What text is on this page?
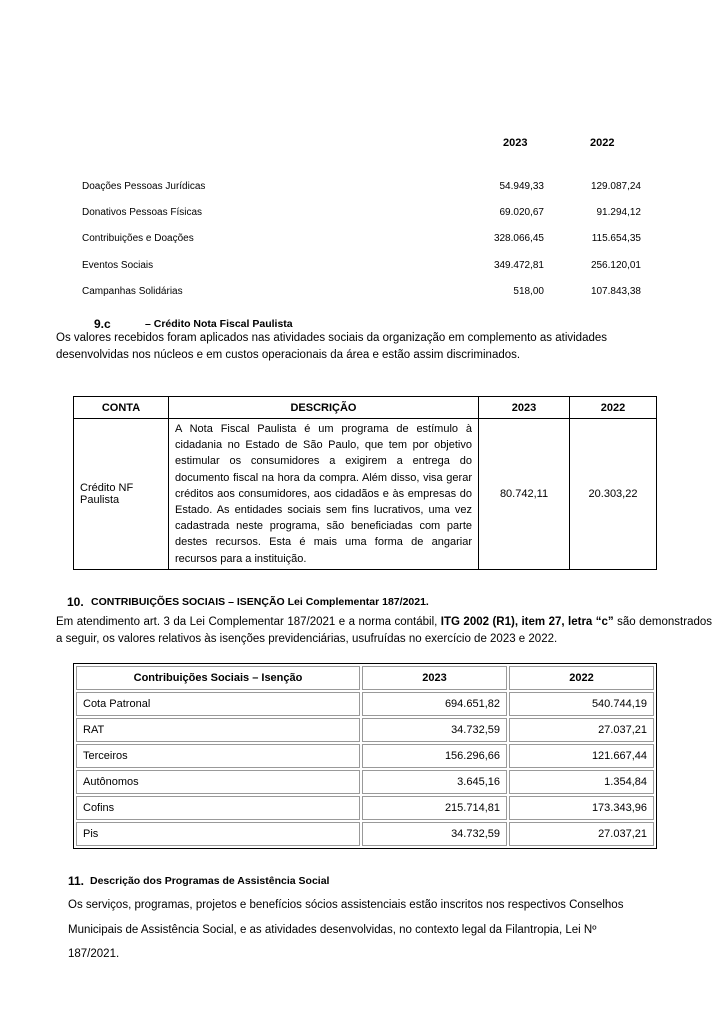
2023	2022
Doações Pessoas Jurídicas	54.949,33	129.087,24
Donativos Pessoas Físicas	69.020,67	91.294,12
Contribuições e Doações	328.066,45	115.654,35
Eventos Sociais	349.472,81	256.120,01
Campanhas Solidárias	518,00	107.843,38
9.c	– Crédito Nota Fiscal Paulista
Os valores recebidos foram aplicados nas atividades sociais da organização em complemento as atividades desenvolvidas nos núcleos e em custos operacionais da área e estão assim discriminados.
CONTA	DESCRIÇÃO	2023	2022
Crédito NF Paulista	A Nota Fiscal Paulista é um programa de estímulo à cidadania no Estado de São Paulo, que tem por objetivo estimular os consumidores a exigirem a entrega do documento fiscal na hora da compra. Além disso, visa gerar créditos aos consumidores, aos cidadãos e às empresas do Estado. As entidades sociais sem fins lucrativos, uma vez cadastrada neste programa, são beneficiadas com parte destes recursos. Esta é mais uma forma de angariar recursos para a instituição.	80.742,11	20.303,22
10. CONTRIBUIÇÕES SOCIAIS – ISENÇÃO Lei Complementar 187/2021.
Em atendimento art. 3 da Lei Complementar 187/2021 e a norma contábil, ITG 2002 (R1), item 27, letra “c” são demonstrados a seguir, os valores relativos às isenções previdenciárias, usufruídas no exercício de 2023 e 2022.
Contribuições Sociais – Isenção	2023	2022
Cota Patronal	694.651,82	540.744,19
RAT	34.732,59	27.037,21
Terceiros	156.296,66	121.667,44
Autônomos	3.645,16	1.354,84
Cofins	215.714,81	173.343,96
Pis	34.732,59	27.037,21
11. Descrição dos Programas de Assistência Social
Os serviços, programas, projetos e benefícios sócios assistenciais estão inscritos nos respectivos Conselhos
Municipais de Assistência Social, e as atividades desenvolvidas, no contexto legal da Filantropia, Lei Nº
187/2021.
